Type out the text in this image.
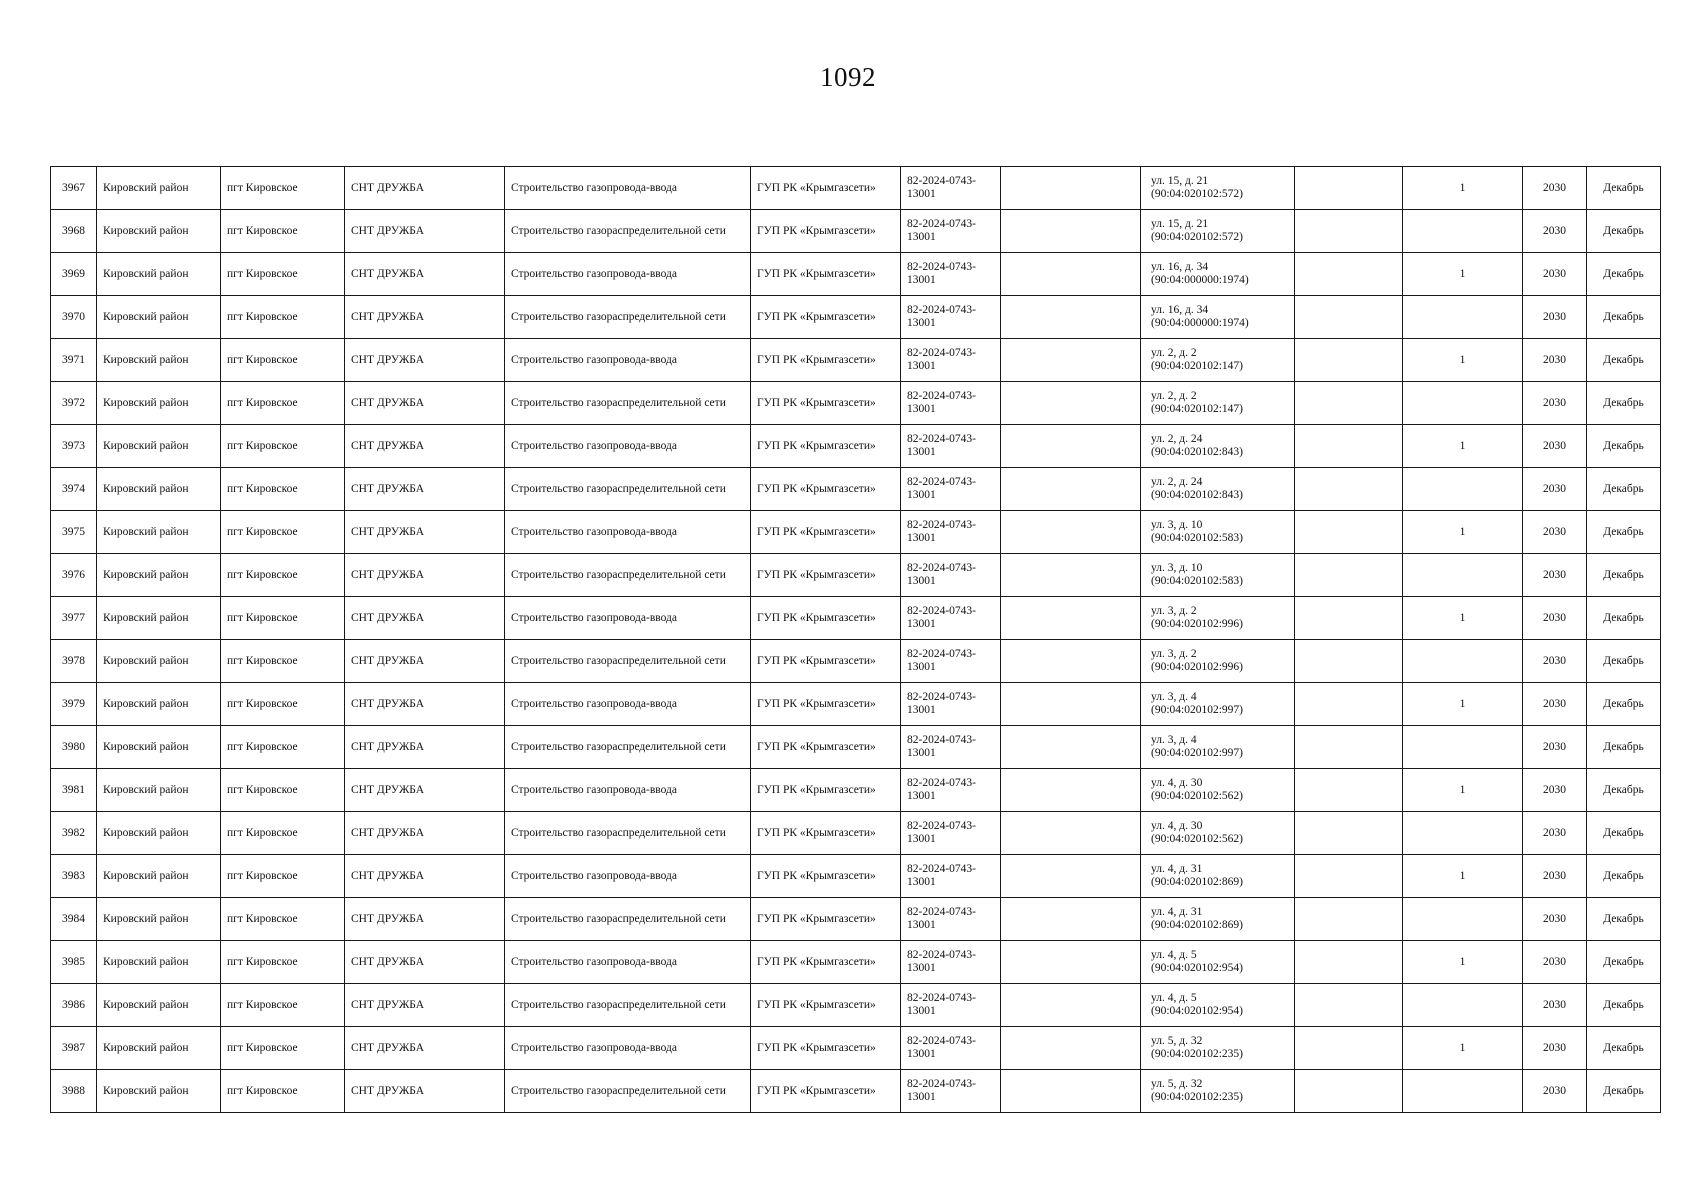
1092
3967	Кировский район	пгт Кировское	СНТ ДРУЖБА	Строительство газопровода-ввода	ГУП РК «Крымгазсети»	82-2024-0743-13001		ул. 15, д. 21
(90:04:020102:572)		1	2030	Декабрь
3968	Кировский район	пгт Кировское	СНТ ДРУЖБА	Строительство газораспределительной сети	ГУП РК «Крымгазсети»	82-2024-0743-13001		ул. 15, д. 21
(90:04:020102:572)			2030	Декабрь
3969	Кировский район	пгт Кировское	СНТ ДРУЖБА	Строительство газопровода-ввода	ГУП РК «Крымгазсети»	82-2024-0743-13001		ул. 16, д. 34
(90:04:000000:1974)		1	2030	Декабрь
3970	Кировский район	пгт Кировское	СНТ ДРУЖБА	Строительство газораспределительной сети	ГУП РК «Крымгазсети»	82-2024-0743-13001		ул. 16, д. 34
(90:04:000000:1974)			2030	Декабрь
3971	Кировский район	пгт Кировское	СНТ ДРУЖБА	Строительство газопровода-ввода	ГУП РК «Крымгазсети»	82-2024-0743-13001		ул. 2, д. 2
(90:04:020102:147)		1	2030	Декабрь
3972	Кировский район	пгт Кировское	СНТ ДРУЖБА	Строительство газораспределительной сети	ГУП РК «Крымгазсети»	82-2024-0743-13001		ул. 2, д. 2
(90:04:020102:147)			2030	Декабрь
3973	Кировский район	пгт Кировское	СНТ ДРУЖБА	Строительство газопровода-ввода	ГУП РК «Крымгазсети»	82-2024-0743-13001		ул. 2, д. 24
(90:04:020102:843)		1	2030	Декабрь
3974	Кировский район	пгт Кировское	СНТ ДРУЖБА	Строительство газораспределительной сети	ГУП РК «Крымгазсети»	82-2024-0743-13001		ул. 2, д. 24
(90:04:020102:843)			2030	Декабрь
3975	Кировский район	пгт Кировское	СНТ ДРУЖБА	Строительство газопровода-ввода	ГУП РК «Крымгазсети»	82-2024-0743-13001		ул. 3, д. 10
(90:04:020102:583)		1	2030	Декабрь
3976	Кировский район	пгт Кировское	СНТ ДРУЖБА	Строительство газораспределительной сети	ГУП РК «Крымгазсети»	82-2024-0743-13001		ул. 3, д. 10
(90:04:020102:583)			2030	Декабрь
3977	Кировский район	пгт Кировское	СНТ ДРУЖБА	Строительство газопровода-ввода	ГУП РК «Крымгазсети»	82-2024-0743-13001		ул. 3, д. 2
(90:04:020102:996)		1	2030	Декабрь
3978	Кировский район	пгт Кировское	СНТ ДРУЖБА	Строительство газораспределительной сети	ГУП РК «Крымгазсети»	82-2024-0743-13001		ул. 3, д. 2
(90:04:020102:996)			2030	Декабрь
3979	Кировский район	пгт Кировское	СНТ ДРУЖБА	Строительство газопровода-ввода	ГУП РК «Крымгазсети»	82-2024-0743-13001		ул. 3, д. 4
(90:04:020102:997)		1	2030	Декабрь
3980	Кировский район	пгт Кировское	СНТ ДРУЖБА	Строительство газораспределительной сети	ГУП РК «Крымгазсети»	82-2024-0743-13001		ул. 3, д. 4
(90:04:020102:997)			2030	Декабрь
3981	Кировский район	пгт Кировское	СНТ ДРУЖБА	Строительство газопровода-ввода	ГУП РК «Крымгазсети»	82-2024-0743-13001		ул. 4, д. 30
(90:04:020102:562)		1	2030	Декабрь
3982	Кировский район	пгт Кировское	СНТ ДРУЖБА	Строительство газораспределительной сети	ГУП РК «Крымгазсети»	82-2024-0743-13001		ул. 4, д. 30
(90:04:020102:562)			2030	Декабрь
3983	Кировский район	пгт Кировское	СНТ ДРУЖБА	Строительство газопровода-ввода	ГУП РК «Крымгазсети»	82-2024-0743-13001		ул. 4, д. 31
(90:04:020102:869)		1	2030	Декабрь
3984	Кировский район	пгт Кировское	СНТ ДРУЖБА	Строительство газораспределительной сети	ГУП РК «Крымгазсети»	82-2024-0743-13001		ул. 4, д. 31
(90:04:020102:869)			2030	Декабрь
3985	Кировский район	пгт Кировское	СНТ ДРУЖБА	Строительство газопровода-ввода	ГУП РК «Крымгазсети»	82-2024-0743-13001		ул. 4, д. 5
(90:04:020102:954)		1	2030	Декабрь
3986	Кировский район	пгт Кировское	СНТ ДРУЖБА	Строительство газораспределительной сети	ГУП РК «Крымгазсети»	82-2024-0743-13001		ул. 4, д. 5
(90:04:020102:954)			2030	Декабрь
3987	Кировский район	пгт Кировское	СНТ ДРУЖБА	Строительство газопровода-ввода	ГУП РК «Крымгазсети»	82-2024-0743-13001		ул. 5, д. 32
(90:04:020102:235)		1	2030	Декабрь
3988	Кировский район	пгт Кировское	СНТ ДРУЖБА	Строительство газораспределительной сети	ГУП РК «Крымгазсети»	82-2024-0743-13001		ул. 5, д. 32
(90:04:020102:235)			2030	Декабрь
